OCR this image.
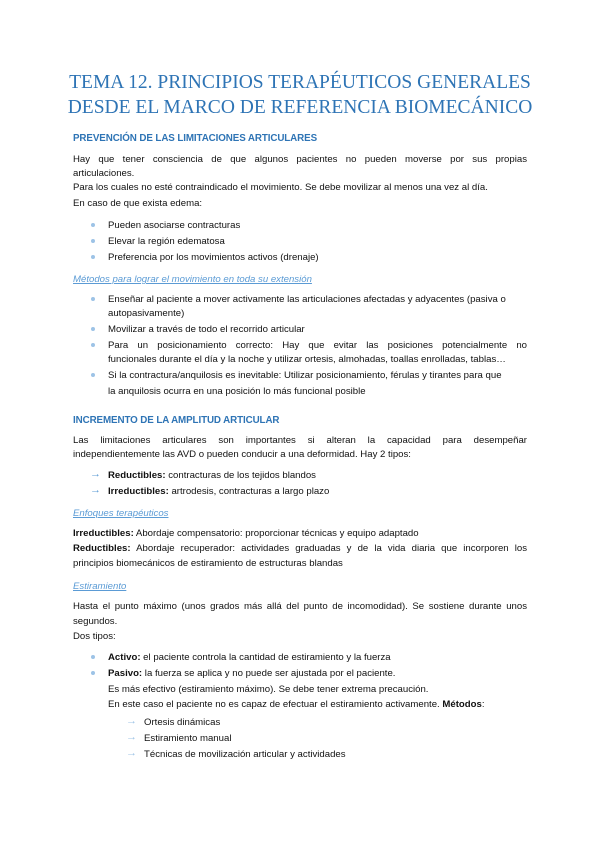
TEMA 12. PRINCIPIOS TERAPÉUTICOS GENERALES
DESDE EL MARCO DE REFERENCIA BIOMECÁNICO

PREVENCIÓN DE LAS LIMITACIONES ARTICULARES

Hay que tener consciencia de que algunos pacientes no pueden moverse por sus propias

articulaciones.

Para los cuales no esté contraindicado el movimiento. Se debe movilizar al menos una vez al día.

En caso de que exista edema:

Pueden asociarse contracturas

Elevar la región edematosa

Preferencia por los movimientos activos (drenaje)

Métodos para lograr el movimiento en toda su extensión

Enseñar al paciente a mover activamente las articulaciones afectadas y adyacentes (pasiva o

autopasivamente)

Movilizar a través de todo el recorrido articular

Para un posicionamiento correcto: Hay que evitar las posiciones potencialmente no

funcionales durante el día y la noche y utilizar ortesis, almohadas, toallas enrolladas, tablas…

Si la contractura/anquilosis es inevitable: Utilizar posicionamiento, férulas y tirantes para que

la anquilosis ocurra en una posición lo más funcional posible

INCREMENTO DE LA AMPLITUD ARTICULAR

Las limitaciones articulares son importantes si alteran la capacidad para desempeñar

independientemente las AVD o pueden conducir a una deformidad. Hay 2 tipos:

→ Reductibles: contracturas de los tejidos blandos

→ Irreductibles: artrodesis, contracturas a largo plazo

Enfoques terapéuticos

Irreductibles: Abordaje compensatorio: proporcionar técnicas y equipo adaptado

Reductibles: Abordaje recuperador: actividades graduadas y de la vida diaria que incorporen los

principios biomecánicos de estiramiento de estructuras blandas

Estiramiento

Hasta el punto máximo (unos grados más allá del punto de incomodidad). Se sostiene durante unos

segundos.

Dos tipos:

Activo: el paciente controla la cantidad de estiramiento y la fuerza

Pasivo: la fuerza se aplica y no puede ser ajustada por el paciente.

Es más efectivo (estiramiento máximo). Se debe tener extrema precaución.

En este caso el paciente no es capaz de efectuar el estiramiento activamente. Métodos:

→ Ortesis dinámicas

→ Estiramiento manual

→ Técnicas de movilización articular y actividades
